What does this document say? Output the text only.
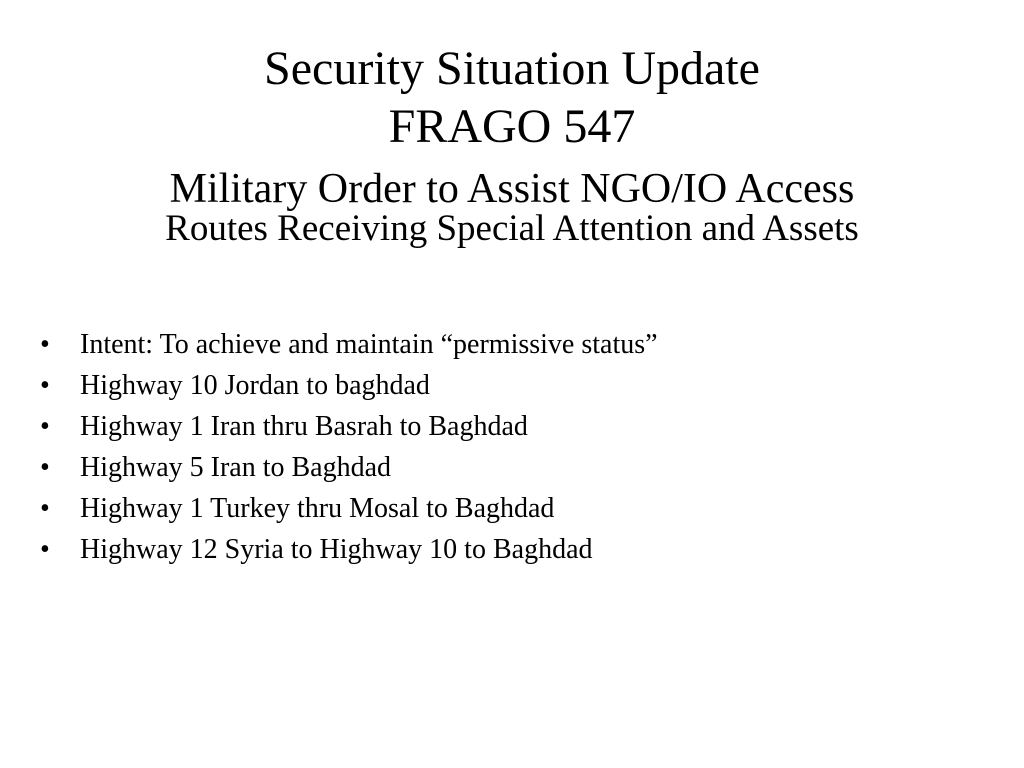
Security Situation Update
FRAGO 547
Military Order to Assist NGO/IO Access
Routes Receiving Special Attention and Assets
•	Intent: To achieve and maintain “permissive status”
•	Highway 10 Jordan to baghdad
•	Highway 1 Iran thru Basrah to Baghdad
•	Highway 5 Iran to Baghdad
•	Highway 1 Turkey thru Mosal to Baghdad
•	Highway 12 Syria to Highway 10 to Baghdad
